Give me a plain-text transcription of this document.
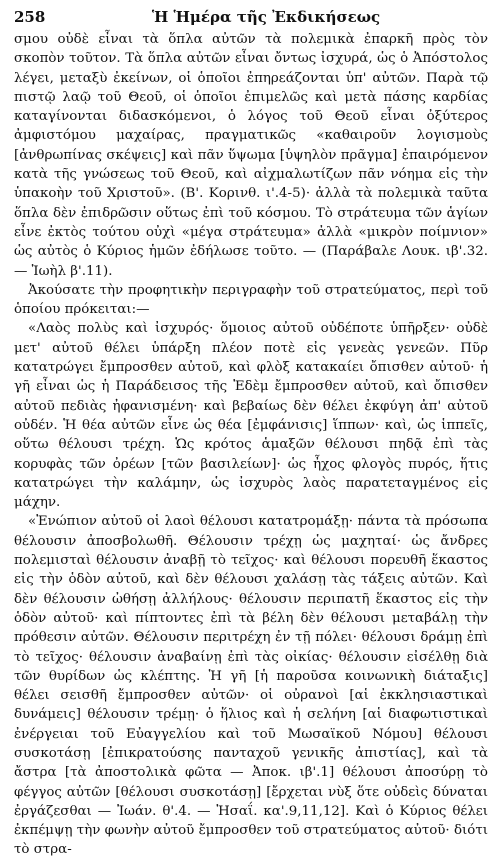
258	Ἡ Ἡμέρα τῆς Ἐκδικήσεως

σμου οὐδὲ εἶναι τὰ ὅπλα αὐτῶν τὰ πολεμικὰ ἐπαρκῆ πρὸς τὸν σκοπὸν τοῦτον. Τὰ ὅπλα αὐτῶν εἶναι ὄντως ἰσχυρά, ὡς ὁ Ἀπόστολος λέγει, μεταξὺ ἐκείνων, οἱ ὁποῖοι ἐπηρεάζονται ὑπ' αὐτῶν. Παρὰ τῷ πιστῷ λαῷ τοῦ Θεοῦ, οἱ ὁποῖοι ἐπιμελῶς καὶ μετὰ πάσης καρδίας καταγίνονται διδασκόμενοι, ὁ λόγος τοῦ Θεοῦ εἶναι ὀξύτερος ἀμφιστόμου μαχαίρας, πραγματικῶς «καθαιροῦν λογισμοὺς [ἀνθρωπίνας σκέψεις] καὶ πᾶν ὕψωμα [ὑψηλὸν πρᾶγμα] ἐπαιρόμενον κατὰ τῆς γνώσεως τοῦ Θεοῦ, καὶ αἰχμαλωτίζων πᾶν νόημα εἰς τὴν ὑπακοὴν τοῦ Χριστοῦ». (Β'. Κορινθ. ι'.4-5)· ἀλλὰ τὰ πολεμικὰ ταῦτα ὅπλα δὲν ἐπιδρῶσιν οὕτως ἐπὶ τοῦ κόσμου. Τὸ στράτευμα τῶν ἁγίων εἶνε ἐκτὸς τούτου οὐχὶ «μέγα στράτευμα» ἀλλὰ «μικρὸν ποίμνιον» ὡς αὐτὸς ὁ Κύριος ἡμῶν ἐδήλωσε τοῦτο. — (Παράβαλε Λουκ. ιβ'.32. — Ἰωὴλ β'.11).

Ἀκούσατε τὴν προφητικὴν περιγραφὴν τοῦ στρατεύματος, περὶ τοῦ ὁποίου πρόκειται:—

«Λαὸς πολὺς καὶ ἰσχυρός· ὅμοιος αὐτοῦ οὐδέποτε ὑπῆρξεν· οὐδὲ μετ' αὐτοῦ θέλει ὑπάρξη πλέον ποτὲ εἰς γενεὰς γενεῶν. Πῦρ κατατρώγει ἔμπροσθεν αὐτοῦ, καὶ φλὸξ κατακαίει ὄπισθεν αὐτοῦ· ἡ γῆ εἶναι ὡς ἡ Παράδεισος τῆς Ἐδὲμ ἔμπροσθεν αὐτοῦ, καὶ ὄπισθεν αὐτοῦ πεδιὰς ἠφανισμένη· καὶ βεβαίως δὲν θέλει ἐκφύγη ἀπ' αὐτοῦ οὐδέν. Ἡ θέα αὐτῶν εἶνε ὡς θέα [ἐμφάνισις] ἵππων· καὶ, ὡς ἱππεῖς, οὕτω θέλουσι τρέχη. Ὡς κρότος ἁμαξῶν θέλουσι πηδᾷ ἐπὶ τὰς κορυφὰς τῶν ὀρέων [τῶν βασιλείων]· ὡς ἦχος φλογὸς πυρός, ἥτις κατατρώγει τὴν καλάμην, ὡς ἰσχυρὸς λαὸς παρατεταγμένος εἰς μάχην.

«Ἐνώπιον αὐτοῦ οἱ λαοὶ θέλουσι κατατρομάξῃ· πάντα τὰ πρόσωπα θέλουσιν ἀποσβολωθῆ. Θέλουσιν τρέχῃ ὡς μαχηταί· ὡς ἄνδρες πολεμισταὶ θέλουσιν ἀναβῇ τὸ τεῖχος· καὶ θέλουσι πορευθῆ ἕκαστος εἰς τὴν ὁδὸν αὐτοῦ, καὶ δὲν θέλουσι χαλάσῃ τὰς τάξεις αὐτῶν. Καὶ δὲν θέλουσιν ὠθήσῃ ἀλλήλους· θέλουσιν περιπατῆ ἕκαστος εἰς τὴν ὁδὸν αὐτοῦ· καὶ πίπτοντες ἐπὶ τὰ βέλη δὲν θέλουσι μεταβάλῃ τὴν πρόθεσιν αὐτῶν. Θέλουσιν περιτρέχη ἐν τῇ πόλει· θέλουσι δράμῃ ἐπὶ τὸ τεῖχος· θέλουσιν ἀναβαίνῃ ἐπὶ τὰς οἰκίας· θέλουσιν εἰσέλθῃ διὰ τῶν θυρίδων ὡς κλέπτης. Ἡ γῆ [ἡ παροῦσα κοινωνικὴ διάταξις] θέλει σεισθῆ ἔμπροσθεν αὐτῶν· οἱ οὐρανοὶ [αἱ ἐκκλησιαστικαὶ δυνάμεις] θέλουσιν τρέμῃ· ὁ ἥλιος καὶ ἡ σελήνη [αἱ διαφωτιστικαὶ ἐνέργειαι τοῦ Εὐαγγελίου καὶ τοῦ Μωσαϊκοῦ Νόμου] θέλουσι συσκοτάσῃ [ἐπικρατούσης πανταχοῦ γενικῆς ἀπιστίας], καὶ τὰ ἄστρα [τὰ ἀποστολικὰ φῶτα — Ἀποκ. ιβ'.1] θέλουσι ἀποσύρῃ τὸ φέγγος αὐτῶν [θέλουσι συσκοτάσῃ] [ἔρχεται νὺξ ὅτε οὐδεὶς δύναται ἐργάζεσθαι — Ἰωάν. θ'.4. — Ἠσαΐ. κα'.9,11,12]. Καὶ ὁ Κύριος θέλει ἐκπέμψῃ τὴν φωνὴν αὐτοῦ ἔμπροσθεν τοῦ στρατεύματος αὐτοῦ· διότι τὸ στρα-
